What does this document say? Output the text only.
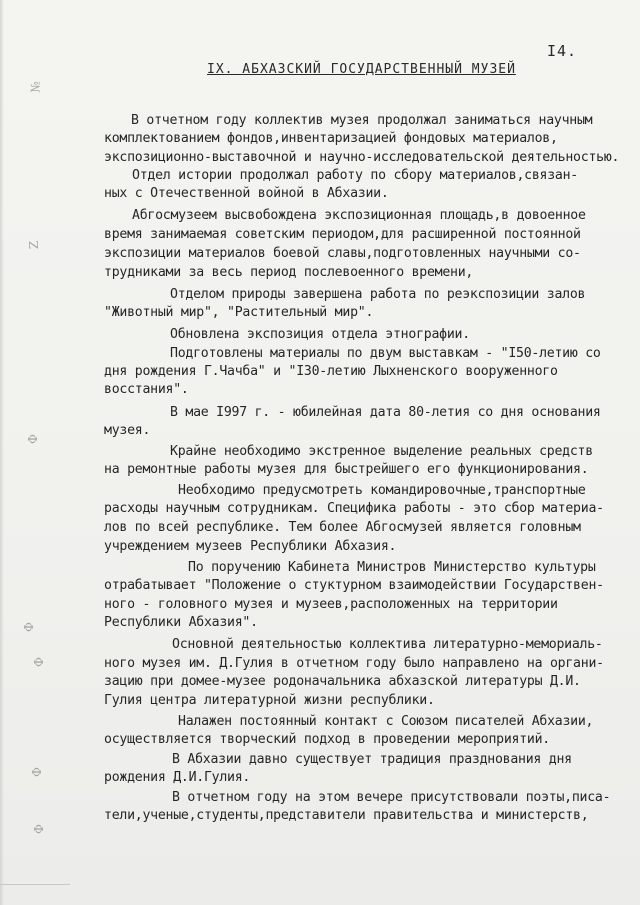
I4.
IX. АБХАЗСКИЙ ГОСУДАРСТВЕННЫЙ МУЗЕЙ
№
Z
Ф
Ф
Ф
Ф
Ф
В отчетном году коллектив музея продолжал заниматься научным
комплектованием фондов,инвентаризацией фондовых материалов,
экспозиционно-выставочной и научно-исследовательской деятельностью.
Отдел истории продолжал работу по сбору материалов,связан-
ных с Отечественной войной в Абхазии.
Абгосмузеем высвобождена экспозиционная площадь,в довоенное
время занимаемая советским периодом,для расширенной постоянной
экспозиции материалов боевой славы,подготовленных научными со-
трудниками за весь период послевоенного времени,
Отделом природы завершена работа по реэкспозиции залов
"Животный мир", "Растительный мир".
Обновлена экспозиция отдела этнографии.
Подготовлены материалы по двум выставкам - "I50-летию со
дня рождения Г.Чачба" и "I30-летию Лыхненского вооруженного
восстания".
В мае I997 г. - юбилейная дата 80-летия со дня основания
музея.
Крайне необходимо экстренное выделение реальных средств
на ремонтные работы музея для быстрейшего его функционирования.
Необходимо предусмотреть командировочные,транспортные
расходы научным сотрудникам. Специфика работы - это сбор материа-
лов по всей республике. Тем более Абгосмузей является головным
учреждением музеев Республики Абхазия.
По поручению Кабинета Министров Министерство культуры
отрабатывает "Положение о стуктурном взаимодействии Государствен-
ного - головного музея и музеев,расположенных на территории
Республики Абхазия".
Основной деятельностью коллектива литературно-мемориаль-
ного музея им. Д.Гулия в отчетном году было направлено на органи-
зацию при домее-музее родоначальника абхазской литературы Д.И.
Гулия центра литературной жизни республики.
Налажен постоянный контакт с Союзом писателей Абхазии,
осуществляется творческий подход в проведении мероприятий.
В Абхазии давно существует традиция празднования дня
рождения Д.И.Гулия.
В отчетном году на этом вечере присутствовали поэты,писа-
тели,ученые,студенты,представители правительства и министерств,
